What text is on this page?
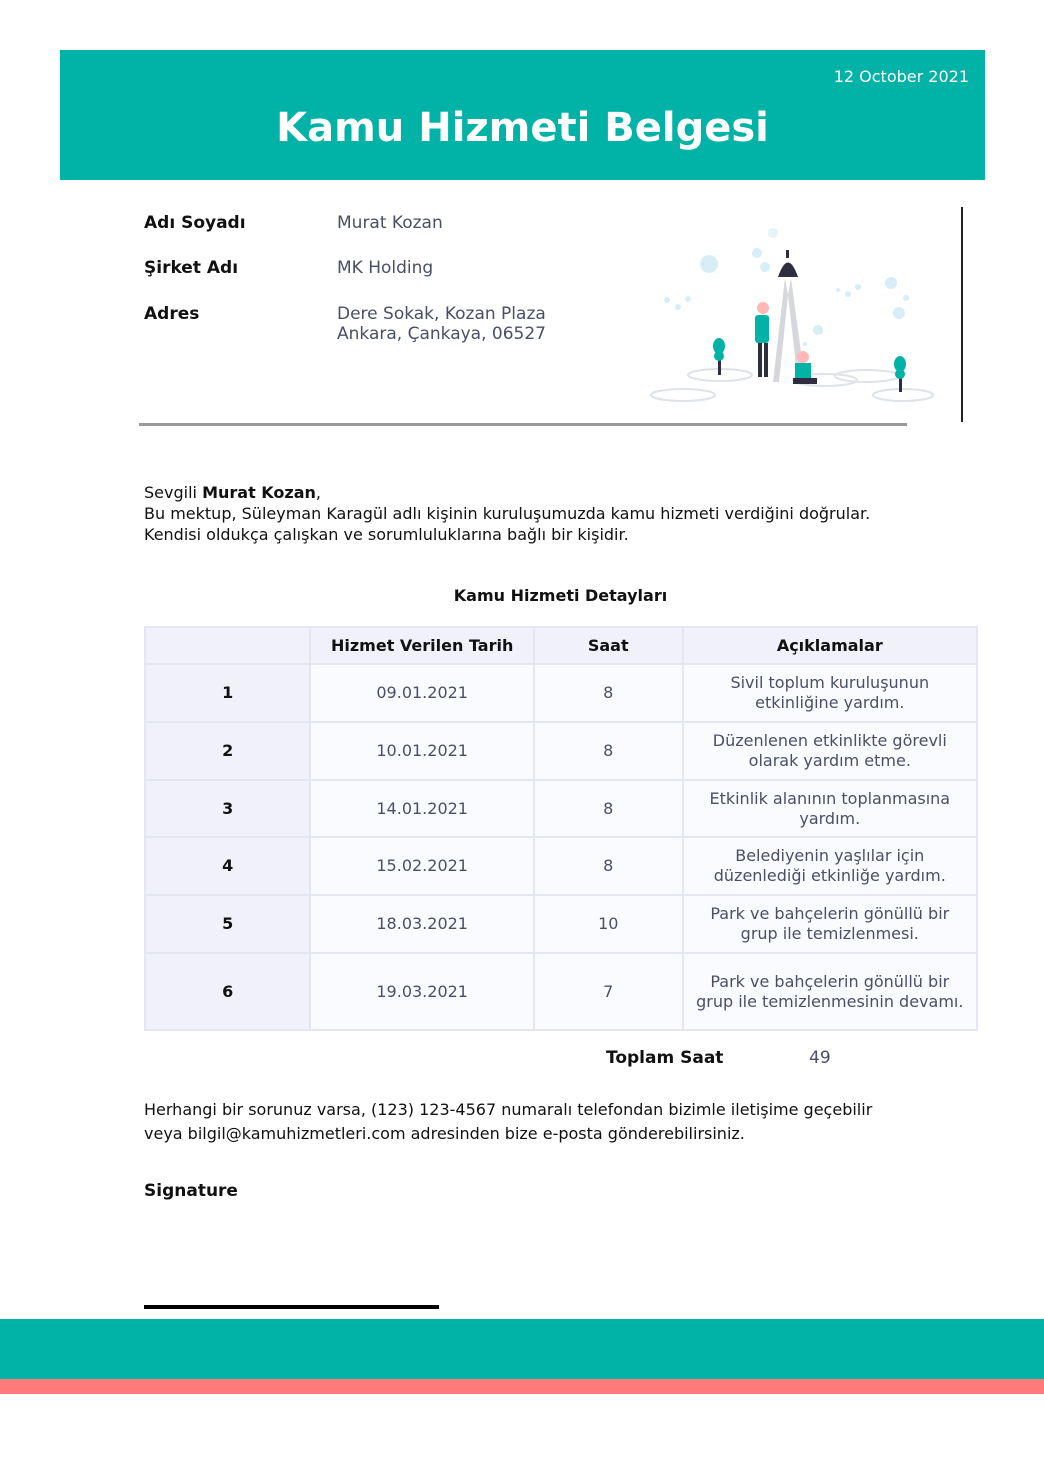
12 October 2021
Kamu Hizmeti Belgesi
Adı Soyadı	Murat Kozan
Şirket Adı	MK Holding
Adres	Dere Sokak, Kozan Plaza
Ankara, Çankaya, 06527
Sevgili Murat Kozan,
Bu mektup, Süleyman Karagül adlı kişinin kuruluşumuzda kamu hizmeti verdiğini doğrular.
Kendisi oldukça çalışkan ve sorumluluklarına bağlı bir kişidir.
Kamu Hizmeti Detayları
	Hizmet Verilen Tarih	Saat	Açıklamalar
1	09.01.2021	8	Sivil toplum kuruluşunun etkinliğine yardım.
2	10.01.2021	8	Düzenlenen etkinlikte görevli olarak yardım etme.
3	14.01.2021	8	Etkinlik alanının toplanmasına yardım.
4	15.02.2021	8	Belediyenin yaşlılar için düzenlediği etkinliğe yardım.
5	18.03.2021	10	Park ve bahçelerin gönüllü bir grup ile temizlenmesi.
6	19.03.2021	7	Park ve bahçelerin gönüllü bir grup ile temizlenmesinin devamı.
Toplam Saat	49
Herhangi bir sorunuz varsa, (123) 123-4567 numaralı telefondan bizimle iletişime geçebilir
veya bilgil@kamuhizmetleri.com adresinden bize e-posta gönderebilirsiniz.
Signature
